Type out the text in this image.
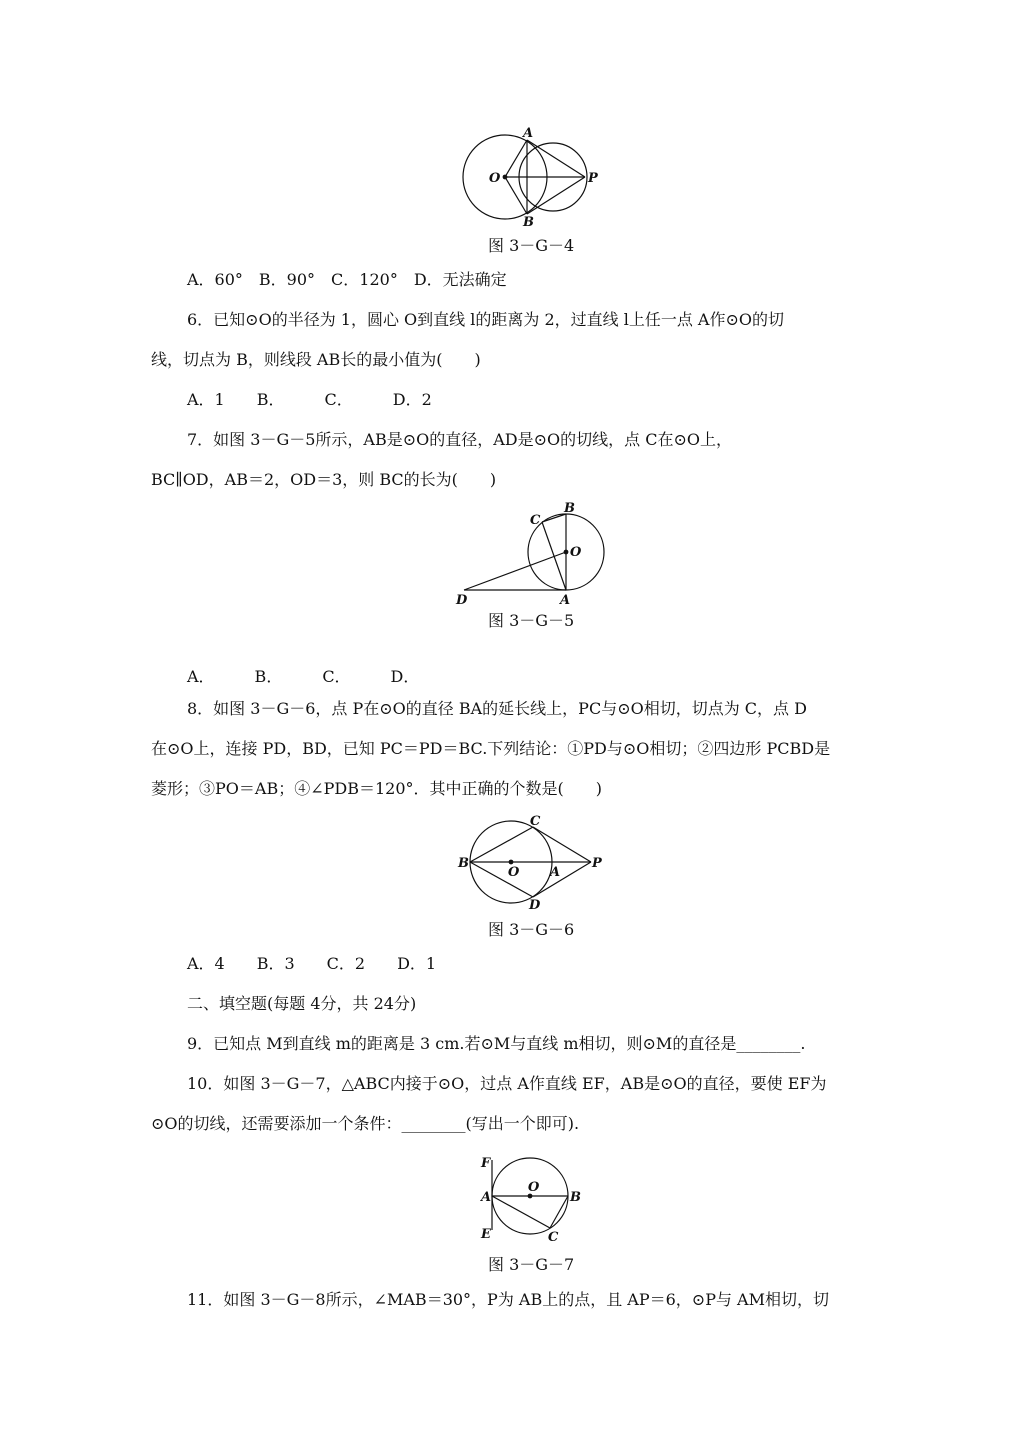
A
O	P
B
图 3－G－4
A．60°　B．90°　C．120°　D．无法确定
6．已知⊙O的半径为 1，圆心 O到直线 l的距离为 2，过直线 l上任一点 A作⊙O的切
线，切点为 B，则线段 AB长的最小值为(　　)
A．1　　B．　　　C．　　　D．2
7．如图 3－G－5所示，AB是⊙O的直径，AD是⊙O的切线，点 C在⊙O上，
BC∥OD，AB＝2，OD＝3，则 BC的长为(　　)
C
B
O
D	A
图 3－G－5
A．　　　B．　　　C．　　　D．
8．如图 3－G－6，点 P在⊙O的直径 BA的延长线上，PC与⊙O相切，切点为 C，点 D
在⊙O上，连接 PD，BD，已知 PC＝PD＝BC.下列结论：①PD与⊙O相切；②四边形 PCBD是
菱形；③PO＝AB；④∠PDB＝120°．其中正确的个数是(　　)
C
B
O A
P
D
图 3－G－6
A．4　　B．3　　C．2　　D．1
二、填空题(每题 4分，共 24分)
9．已知点 M到直线 m的距离是 3 cm.若⊙M与直线 m相切，则⊙M的直径是________.
10．如图 3－G－7，△ABC内接于⊙O，过点 A作直线 EF，AB是⊙O的直径，要使 EF为
⊙O的切线，还需要添加一个条件：________(写出一个即可).
F
O
A	B
E	C
图 3－G－7
11．如图 3－G－8所示，∠MAB＝30°，P为 AB上的点，且 AP＝6，⊙P与 AM相切，切
